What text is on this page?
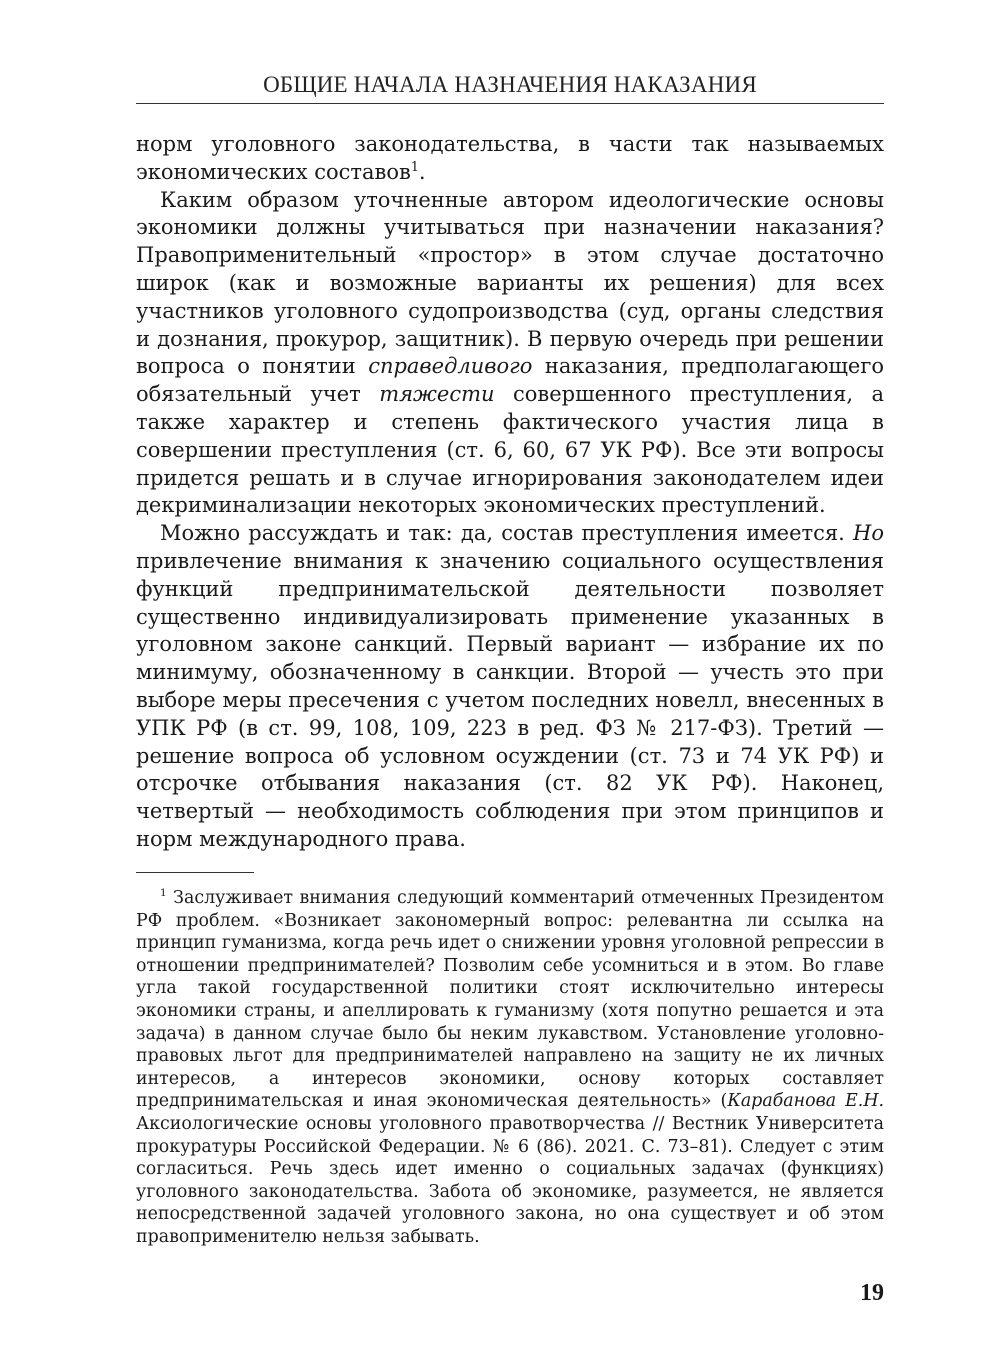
ОБЩИЕ НАЧАЛА НАЗНАЧЕНИЯ НАКАЗАНИЯ

норм уголовного законодательства, в части так называемых экономических составов$^1$.

Каким образом уточненные автором идеологические основы экономики должны учитываться при назначении наказания? Правоприменительный «простор» в этом случае достаточно широк (как и возможные варианты их решения) для всех участников уголовного судопроизводства (суд, органы следствия и дознания, прокурор, защитник). В первую очередь при решении вопроса о понятии справедливого наказания, предполагающего обязательный учет тяжести совершенного преступления, а также характер и степень фактического участия лица в совершении преступления (ст. 6, 60, 67 УК РФ). Все эти вопросы придется решать и в случае игнорирования законодателем идеи декриминализации некоторых экономических преступлений.

Можно рассуждать и так: да, состав преступления имеется. Но привлечение внимания к значению социального осуществления функций предпринимательской деятельности позволяет существенно индивидуализировать применение указанных в уголовном законе санкций. Первый вариант — избрание их по минимуму, обозначенному в санкции. Второй — учесть это при выборе меры пресечения с учетом последних новелл, внесенных в УПК РФ (в ст. 99, 108, 109, 223 в ред. ФЗ № 217-ФЗ). Третий — решение вопроса об условном осуждении (ст. 73 и 74 УК РФ) и отсрочке отбывания наказания (ст. 82 УК РФ). Наконец, четвертый — необходимость соблюдения при этом принципов и норм международного права.

$^1$ Заслуживает внимания следующий комментарий отмеченных Президентом РФ проблем. «Возникает закономерный вопрос: релевантна ли ссылка на принцип гуманизма, когда речь идет о снижении уровня уголовной репрессии в отношении предпринимателей? Позволим себе усомниться и в этом. Во главе угла такой государственной политики стоят исключительно интересы экономики страны, и апеллировать к гуманизму (хотя попутно решается и эта задача) в данном случае было бы неким лукавством. Установление уголовно-правовых льгот для предпринимателей направлено на защиту не их личных интересов, а интересов экономики, основу которых составляет предпринимательская и иная экономическая деятельность» (Карабанова Е.Н. Аксиологические основы уголовного правотворчества // Вестник Университета прокуратуры Российской Федерации. № 6 (86). 2021. С. 73–81). Следует с этим согласиться. Речь здесь идет именно о социальных задачах (функциях) уголовного законодательства. Забота об экономике, разумеется, не является непосредственной задачей уголовного закона, но она существует и об этом правоприменителю нельзя забывать.

19
